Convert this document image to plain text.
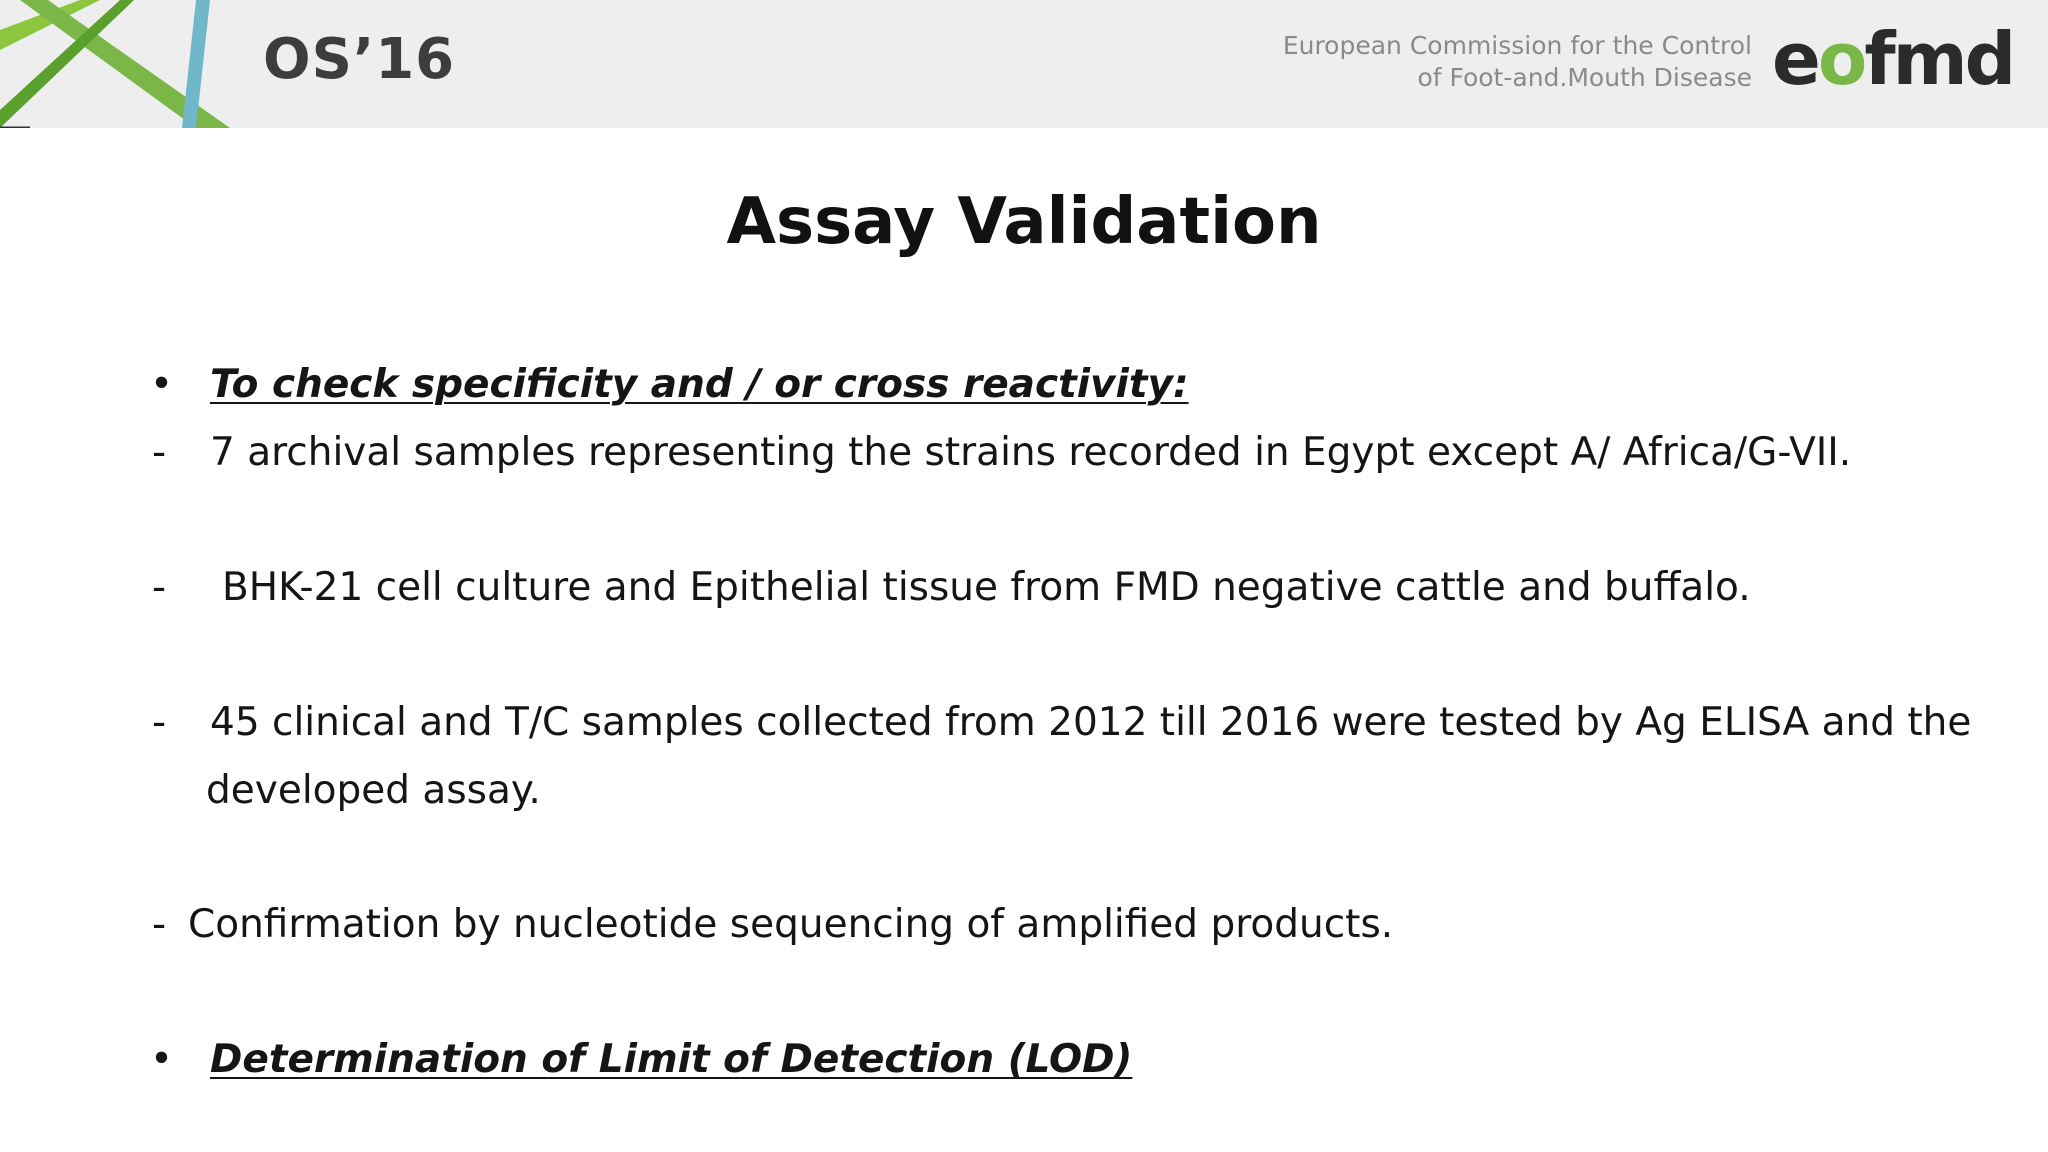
OS’16	European Commission for the Control
of Foot-and.Mouth Disease eofmd
Assay Validation
• To check specificity and / or cross reactivity:
- 7 archival samples representing the strains recorded in Egypt except A/ Africa/G-VII.
- BHK-21 cell culture and Epithelial tissue from FMD negative cattle and buffalo.
- 45 clinical and T/C samples collected from 2012 till 2016 were tested by Ag ELISA and the
developed assay.
- Confirmation by nucleotide sequencing of amplified products.
• Determination of Limit of Detection (LOD)
